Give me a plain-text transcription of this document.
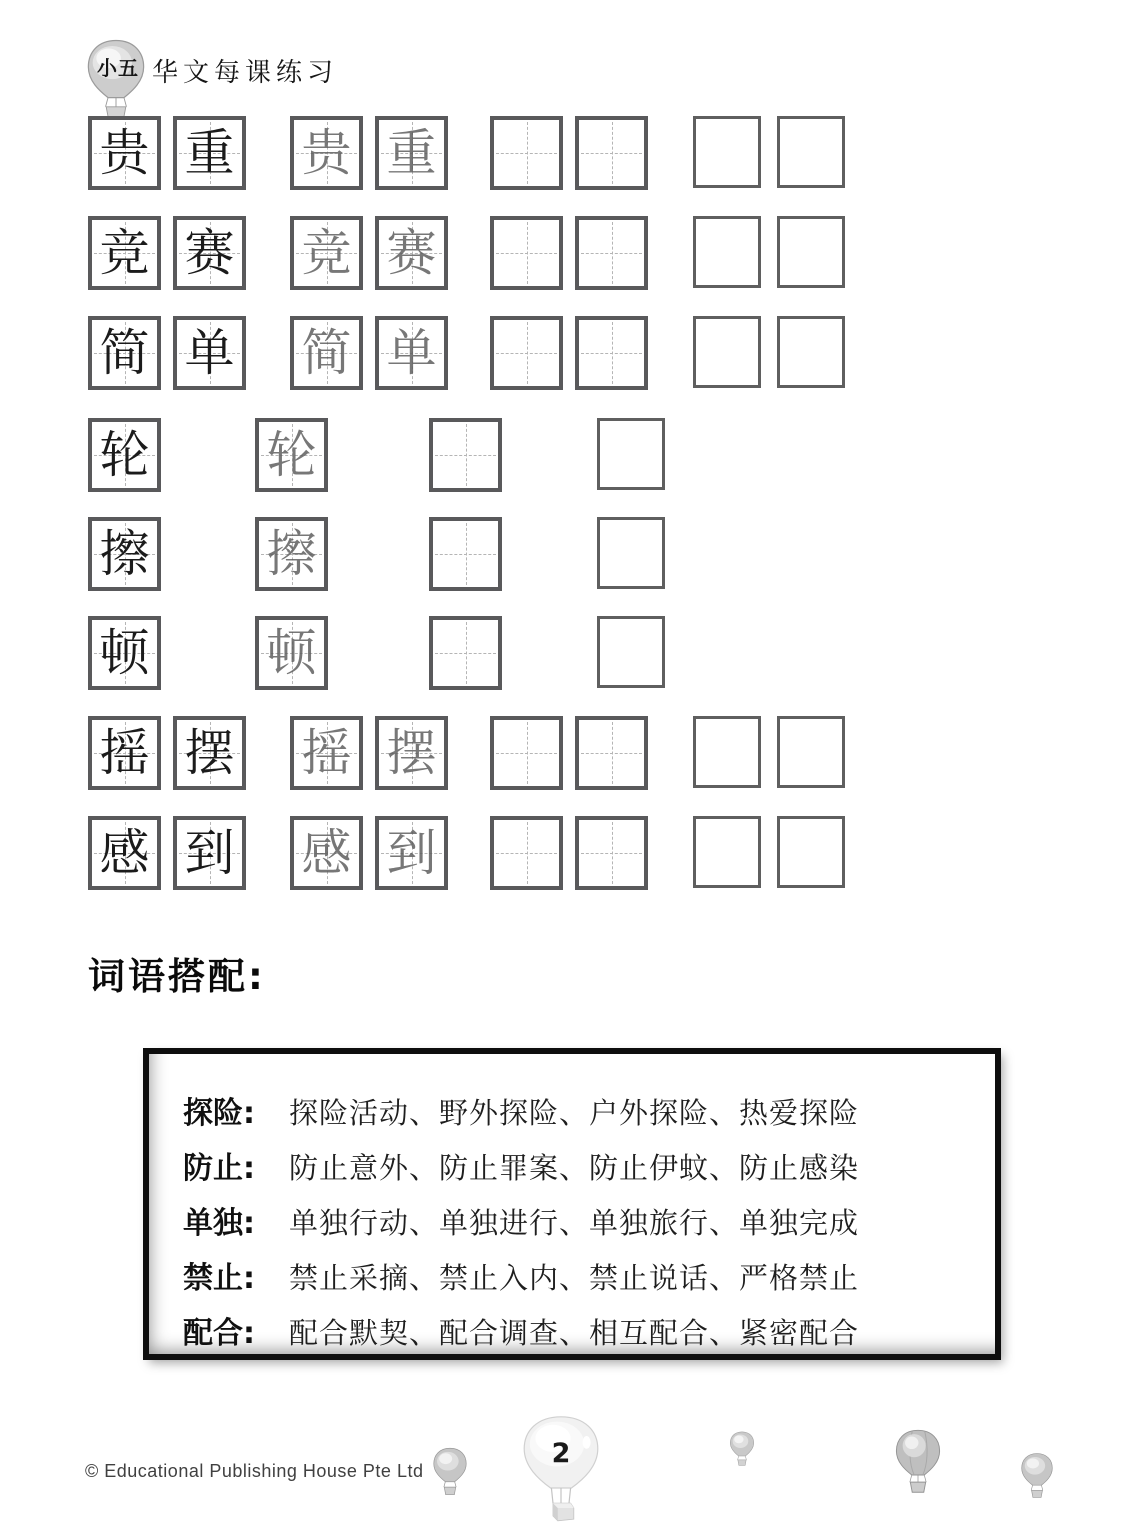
小五 华文每课练习
贵 重 贵 重
竞 赛 竞 赛
简 单 简 单
轮 轮
擦 擦
顿 顿
摇 摆 摇 摆
感 到 感 到
词语搭配:
探险:	探险活动、野外探险、户外探险、热爱探险
防止:	防止意外、防止罪案、防止伊蚊、防止感染
单独:	单独行动、单独进行、单独旅行、单独完成
禁止:	禁止采摘、禁止入内、禁止说话、严格禁止
配合:	配合默契、配合调查、相互配合、紧密配合
© Educational Publishing House Pte Ltd
2
